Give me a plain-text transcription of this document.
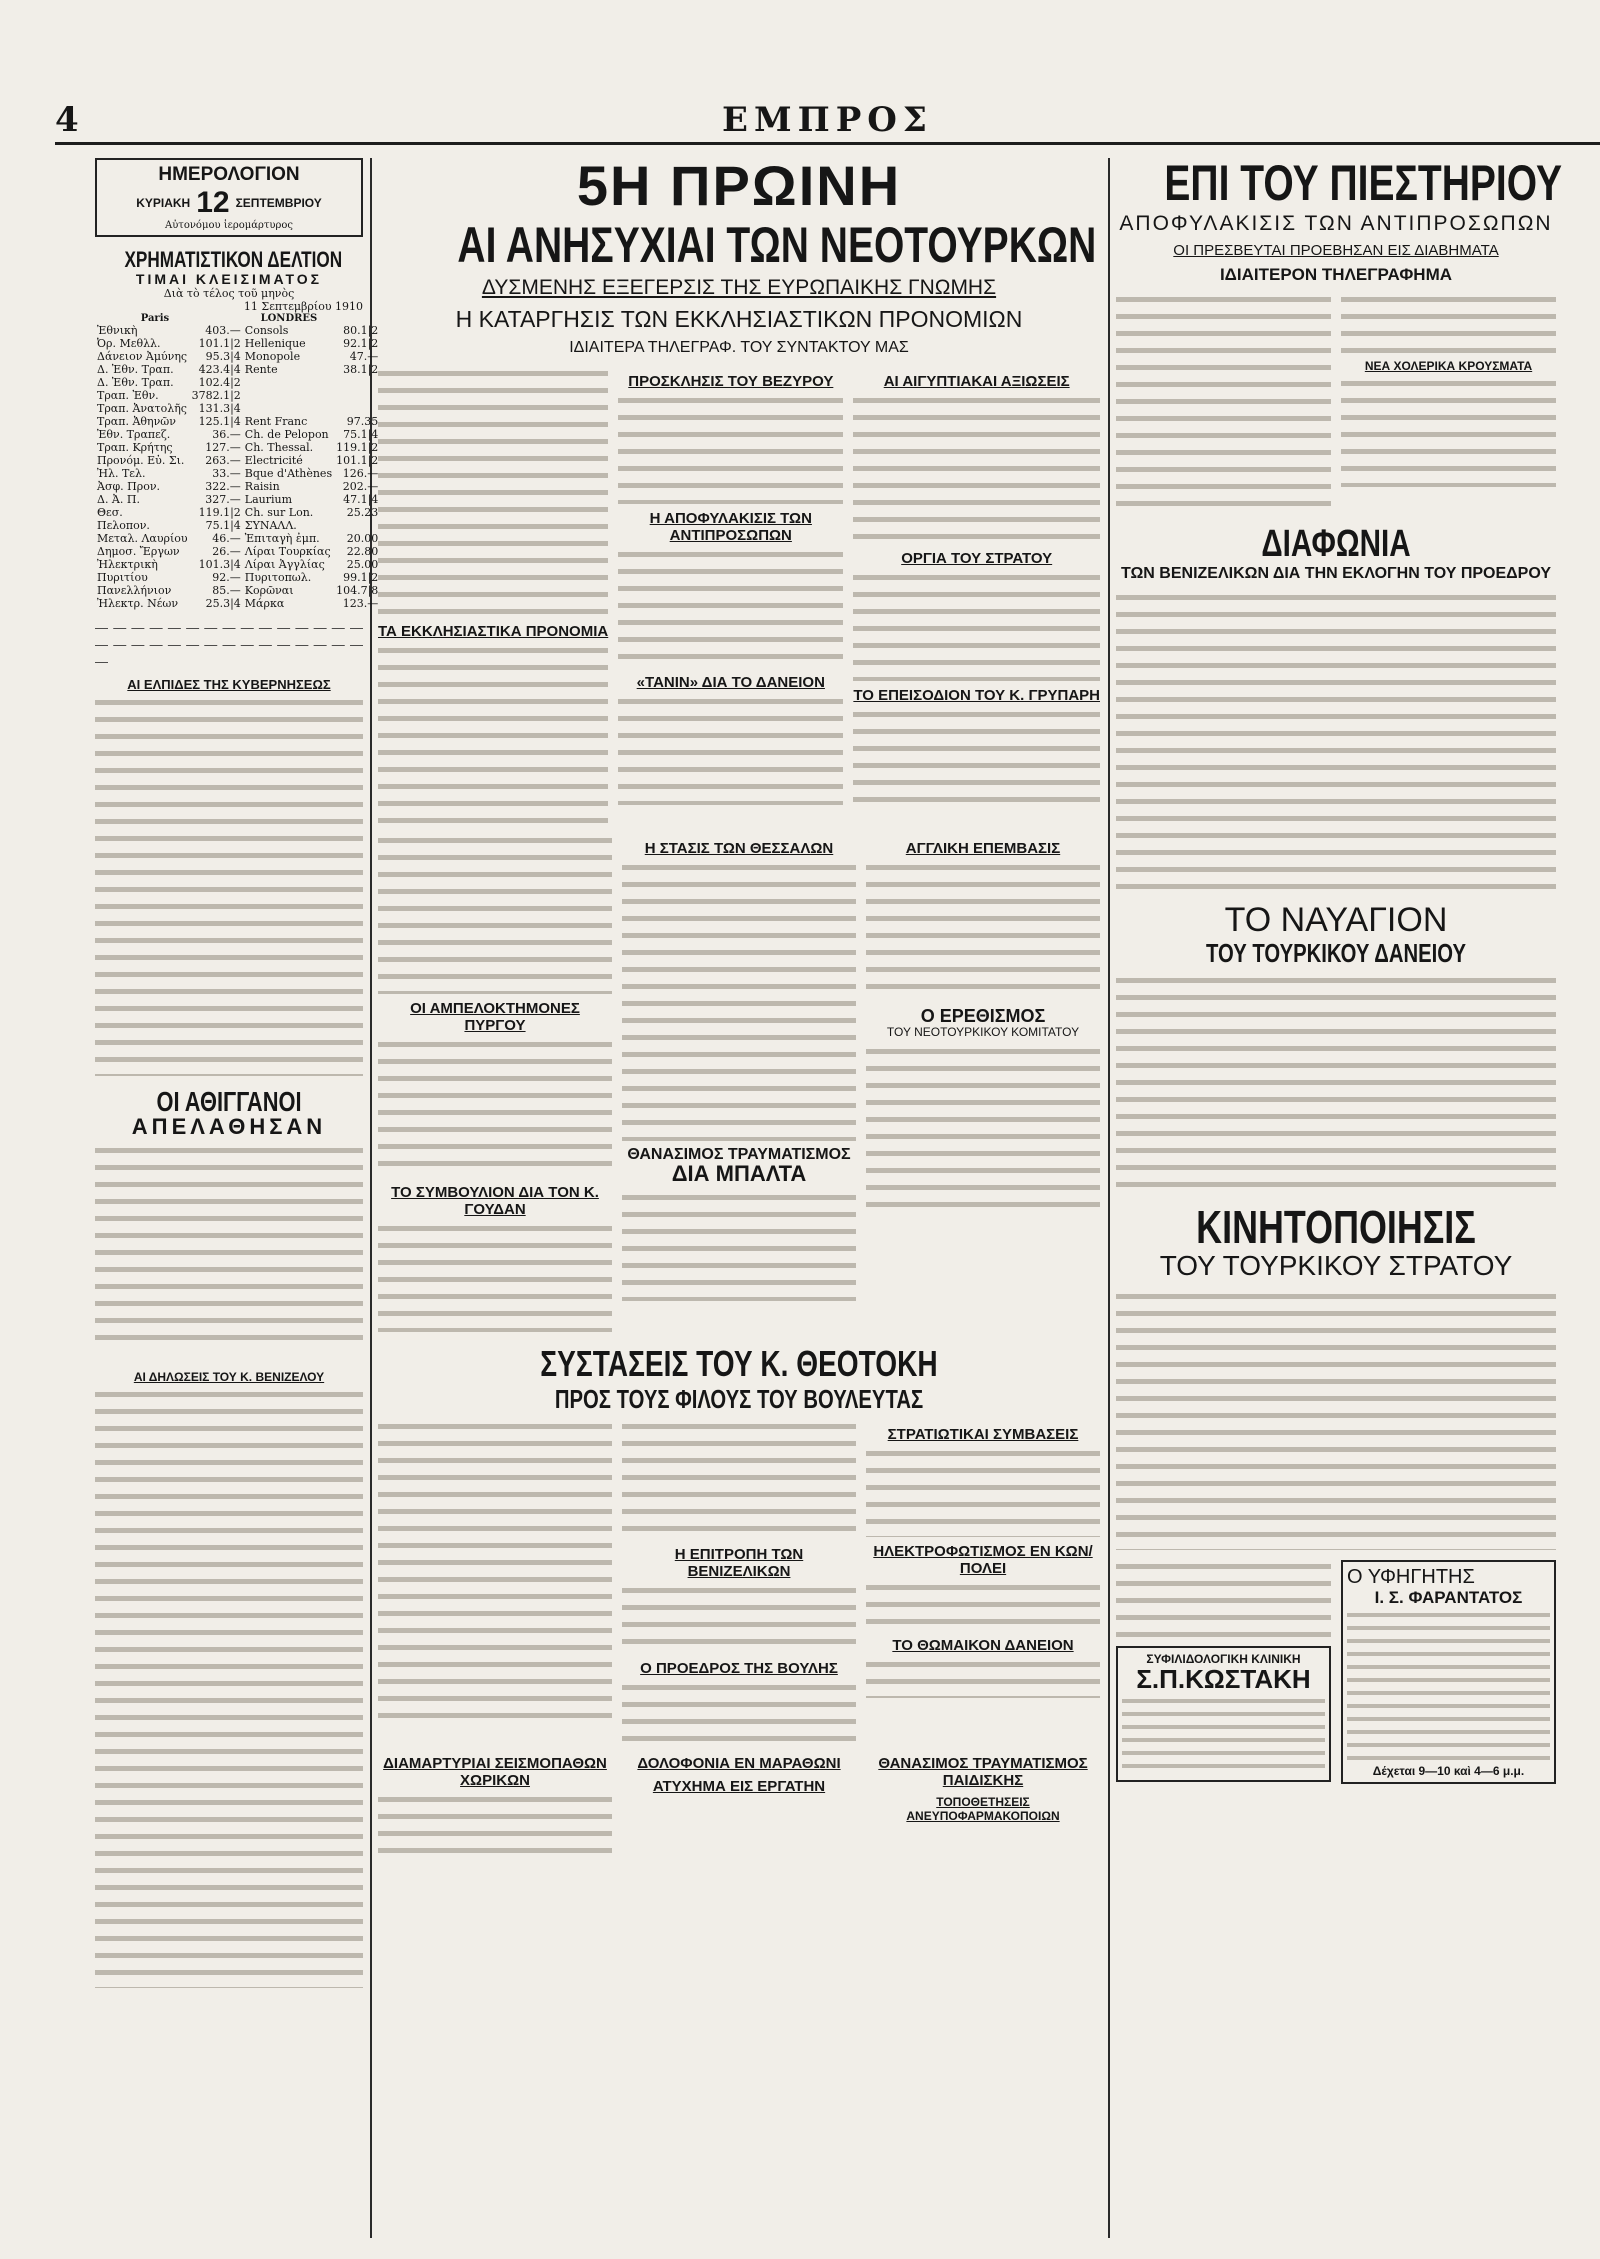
4	ΕΜΠΡΟΣ
ΗΜΕΡΟΛΟΓΙΟΝ
ΚΥΡΙΑΚΗ 12 ΣΕΠΤΕΜΒΡΙΟΥ
Αὐτονόμου ἱερομάρτυρος
ΧΡΗΜΑΤΙΣΤΙΚΟΝ ΔΕΛΤΙΟΝ
ΤΙΜΑΙ ΚΛΕΙΣΙΜΑΤΟΣ
Διὰ τὸ τέλος τοῦ μηνὸς
11 Σεπτεμβρίου 1910
Paris	LONDRES
Ἐθνικὴ	403.—	Consols	80.1|2
Ὀρ. Μεθλλ.	101.1|2	Hellenique	92.1|2
Δάνειον Ἀμύνης	95.3|4	Monopole	47.—
Δ. Ἐθν. Τραπ.	423.4|4	Rente	38.1|2
Δ. Ἐθν. Τραπ.	102.4|2		
Τραπ. Ἐθν.	3782.1|2		
Τραπ. Ἀνατολῆς	131.3|4		
Τραπ. Ἀθηνῶν	125.1|4	Rent Franc	97.35
Ἐθν. Τραπεζ.	36.—	Ch. de Pelopon	75.1|4
Τραπ. Κρήτης	127.—	Ch. Thessal.	119.1|2
Προνόμ. Εὐ. Σι.	263.—	Electricité	101.1|2
Ἠλ. Τελ.	33.—	Bque d'Athènes	126.—
Ἀσφ. Προν.	322.—	Raisin	202.—
Δ. Ἀ. Π.	327.—	Laurium	47.1|4
Θεσ.	119.1|2	Ch. sur Lon.	25.23
Πελοπον.	75.1|4	ΣΥΝΑΛΛ.	
Μεταλ. Λαυρίου	46.—	Ἐπιταγὴ ἐμπ.	20.00
Δημοσ. Ἔργων	26.—	Λίραι Τουρκίας	22.80
Ἠλεκτρικὴ	101.3|4	Λίραι Ἀγγλίας	25.00
Πυριτίου	92.—	Πυριτοπωλ.	99.1|2
Πανελλήνιον	85.—	Κορῶναι	104.7|8
Ἠλεκτρ. Νέων	25.3|4	Μάρκα	123.—

― ― ― ― ― ― ― ― ― ― ― ― ― ― ― ― ― ― ― ― ― ― ― ― ― ― ― ― ― ― ―

ΑΙ ΕΛΠΙΔΕΣ ΤΗΣ ΚΥΒΕΡΝΗΣΕΩΣ
ΟΙ ΑΘΙΓΓΑΝΟΙ
ΑΠΕΛΑΘΗΣΑΝ
ΑΙ ΔΗΛΩΣΕΙΣ ΤΟΥ Κ. ΒΕΝΙΖΕΛΟΥ
5Η ΠΡΩΙΝΗ
ΑΙ ΑΝΗΣΥΧΙΑΙ ΤΩΝ ΝΕΟΤΟΥΡΚΩΝ
ΔΥΣΜΕΝΗΣ ΕΞΕΓΕΡΣΙΣ ΤΗΣ ΕΥΡΩΠΑΙΚΗΣ ΓΝΩΜΗΣ
Η ΚΑΤΑΡΓΗΣΙΣ ΤΩΝ ΕΚΚΛΗΣΙΑΣΤΙΚΩΝ ΠΡΟΝΟΜΙΩΝ
ΙΔΙΑΙΤΕΡΑ ΤΗΛΕΓΡΑΦ. ΤΟΥ ΣΥΝΤΑΚΤΟΥ ΜΑΣ
ΤΑ ΕΚΚΛΗΣΙΑΣΤΙΚΑ ΠΡΟΝΟΜΙΑ
ΠΡΟΣΚΛΗΣΙΣ ΤΟΥ ΒΕΖΥΡΟΥ
Η ΑΠΟΦΥΛΑΚΙΣΙΣ ΤΩΝ ΑΝΤΙΠΡΟΣΩΠΩΝ
«ΤΑΝΙΝ» ΔΙΑ ΤΟ ΔΑΝΕΙΟΝ
ΑΙ ΑΙΓΥΠΤΙΑΚΑΙ ΑΞΙΩΣΕΙΣ
ΟΡΓΙΑ ΤΟΥ ΣΤΡΑΤΟΥ
ΤΟ ΕΠΕΙΣΟΔΙΟΝ ΤΟΥ Κ. ΓΡΥΠΑΡΗ
ΟΙ ΑΜΠΕΛΟΚΤΗΜΟΝΕΣ ΠΥΡΓΟΥ
ΤΟ ΣΥΜΒΟΥΛΙΟΝ ΔΙΑ ΤΟΝ Κ. ΓΟΥΔΑΝ
Η ΣΤΑΣΙΣ ΤΩΝ ΘΕΣΣΑΛΩΝ
ΘΑΝΑΣΙΜΟΣ ΤΡΑΥΜΑΤΙΣΜΟΣ
ΔΙΑ ΜΠΑΛΤΑ
ΑΓΓΛΙΚΗ ΕΠΕΜΒΑΣΙΣ
Ο ΕΡΕΘΙΣΜΟΣ
ΤΟΥ ΝΕΟΤΟΥΡΚΙΚΟΥ ΚΟΜΙΤΑΤΟΥ
ΣΥΣΤΑΣΕΙΣ ΤΟΥ Κ. ΘΕΟΤΟΚΗ
ΠΡΟΣ ΤΟΥΣ ΦΙΛΟΥΣ ΤΟΥ ΒΟΥΛΕΥΤΑΣ
Η ΕΠΙΤΡΟΠΗ ΤΩΝ ΒΕΝΙΖΕΛΙΚΩΝ
Ο ΠΡΟΕΔΡΟΣ ΤΗΣ ΒΟΥΛΗΣ
ΣΤΡΑΤΙΩΤΙΚΑΙ ΣΥΜΒΑΣΕΙΣ
ΗΛΕΚΤΡΟΦΩΤΙΣΜΟΣ ΕΝ ΚΩΝ/ΠΟΛΕΙ
ΤΟ ΘΩΜΑΙΚΟΝ ΔΑΝΕΙΟΝ
ΔΙΑΜΑΡΤΥΡΙΑΙ ΣΕΙΣΜΟΠΑΘΩΝ ΧΩΡΙΚΩΝ
ΔΟΛΟΦΟΝΙΑ ΕΝ ΜΑΡΑΘΩΝΙ
ΑΤΥΧΗΜΑ ΕΙΣ ΕΡΓΑΤΗΝ
ΘΑΝΑΣΙΜΟΣ ΤΡΑΥΜΑΤΙΣΜΟΣ ΠΑΙΔΙΣΚΗΣ
ΤΟΠΟΘΕΤΗΣΕΙΣ ΑΝΕΥΠΟΦΑΡΜΑΚΟΠΟΙΩΝ
ΕΠΙ ΤΟΥ ΠΙΕΣΤΗΡΙΟΥ
ΑΠΟΦΥΛΑΚΙΣΙΣ ΤΩΝ ΑΝΤΙΠΡΟΣΩΠΩΝ
ΟΙ ΠΡΕΣΒΕΥΤΑΙ ΠΡΟΕΒΗΣΑΝ ΕΙΣ ΔΙΑΒΗΜΑΤΑ
ΙΔΙΑΙΤΕΡΟΝ ΤΗΛΕΓΡΑΦΗΜΑ
ΝΕΑ ΧΟΛΕΡΙΚΑ ΚΡΟΥΣΜΑΤΑ
ΔΙΑΦΩΝΙΑ
ΤΩΝ ΒΕΝΙΖΕΛΙΚΩΝ ΔΙΑ ΤΗΝ ΕΚΛΟΓΗΝ ΤΟΥ ΠΡΟΕΔΡΟΥ
ΤΟ ΝΑΥΑΓΙΟΝ
ΤΟΥ ΤΟΥΡΚΙΚΟΥ ΔΑΝΕΙΟΥ
ΚΙΝΗΤΟΠΟΙΗΣΙΣ
ΤΟΥ ΤΟΥΡΚΙΚΟΥ ΣΤΡΑΤΟΥ
ΣΥΦΙΛΙΔΟΛΟΓΙΚΗ ΚΛΙΝΙΚΗ
Σ.Π.ΚΩΣΤΑΚΗ
Ο ΥΦΗΓΗΤΗΣ
Ι. Σ. ΦΑΡΑΝΤΑΤΟΣ
Δέχεται 9—10 καὶ 4—6 μ.μ.
